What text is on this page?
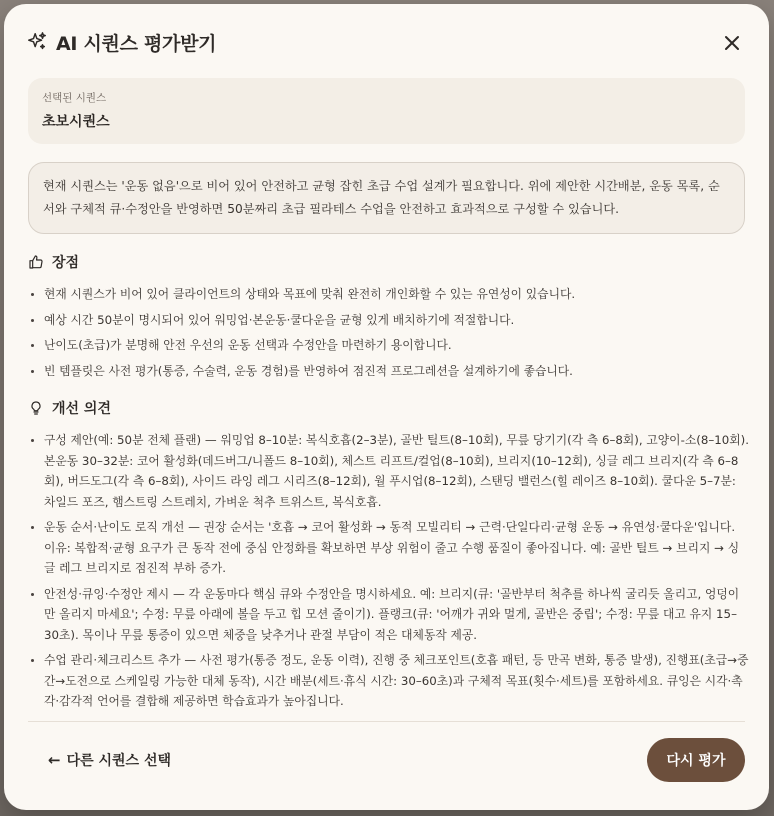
AI 시퀀스 평가받기
선택된 시퀀스
초보시퀀스
현재 시퀀스는 '운동 없음'으로 비어 있어 안전하고 균형 잡힌 초급 수업 설계가 필요합니다. 위에 제안한 시간배분, 운동 목록, 순서와 구체적 큐·수정안을 반영하면 50분짜리 초급 필라테스 수업을 안전하고 효과적으로 구성할 수 있습니다.
장점
현재 시퀀스가 비어 있어 클라이언트의 상태와 목표에 맞춰 완전히 개인화할 수 있는 유연성이 있습니다.
예상 시간 50분이 명시되어 있어 워밍업·본운동·쿨다운을 균형 있게 배치하기에 적절합니다.
난이도(초급)가 분명해 안전 우선의 운동 선택과 수정안을 마련하기 용이합니다.
빈 템플릿은 사전 평가(통증, 수술력, 운동 경험)를 반영하여 점진적 프로그레션을 설계하기에 좋습니다.
개선 의견
구성 제안(예: 50분 전체 플랜) — 워밍업 8–10분: 복식호흡(2–3분), 골반 틸트(8–10회), 무릎 당기기(각 측 6–8회), 고양이-소(8–10회). 본운동 30–32분: 코어 활성화(데드버그/니폴드 8–10회), 체스트 리프트/컬업(8–10회), 브리지(10–12회), 싱글 레그 브리지(각 측 6–8회), 버드도그(각 측 6–8회), 사이드 라잉 레그 시리즈(8–12회), 월 푸시업(8–12회), 스탠딩 밸런스(힐 레이즈 8–10회). 쿨다운 5–7분: 차일드 포즈, 햄스트링 스트레치, 가벼운 척추 트위스트, 복식호흡.
운동 순서·난이도 로직 개선 — 권장 순서는 '호흡 → 코어 활성화 → 동적 모빌리티 → 근력·단일다리·균형 운동 → 유연성·쿨다운'입니다. 이유: 복합적·균형 요구가 큰 동작 전에 중심 안정화를 확보하면 부상 위험이 줄고 수행 품질이 좋아집니다. 예: 골반 틸트 → 브리지 → 싱글 레그 브리지로 점진적 부하 증가.
안전성·큐잉·수정안 제시 — 각 운동마다 핵심 큐와 수정안을 명시하세요. 예: 브리지(큐: '골반부터 척추를 하나씩 굴리듯 올리고, 엉덩이만 올리지 마세요'; 수정: 무릎 아래에 볼을 두고 힙 모션 줄이기). 플랭크(큐: '어깨가 귀와 멀게, 골반은 중립'; 수정: 무릎 대고 유지 15–30초). 목이나 무릎 통증이 있으면 체중을 낮추거나 관절 부담이 적은 대체동작 제공.
수업 관리·체크리스트 추가 — 사전 평가(통증 정도, 운동 이력), 진행 중 체크포인트(호흡 패턴, 등 만곡 변화, 통증 발생), 진행표(초급→중간→도전으로 스케일링 가능한 대체 동작), 시간 배분(세트·휴식 시간: 30–60초)과 구체적 목표(횟수·세트)를 포함하세요. 큐잉은 시각·촉각·감각적 언어를 결합해 제공하면 학습효과가 높아집니다.
← 다른 시퀀스 선택	다시 평가
